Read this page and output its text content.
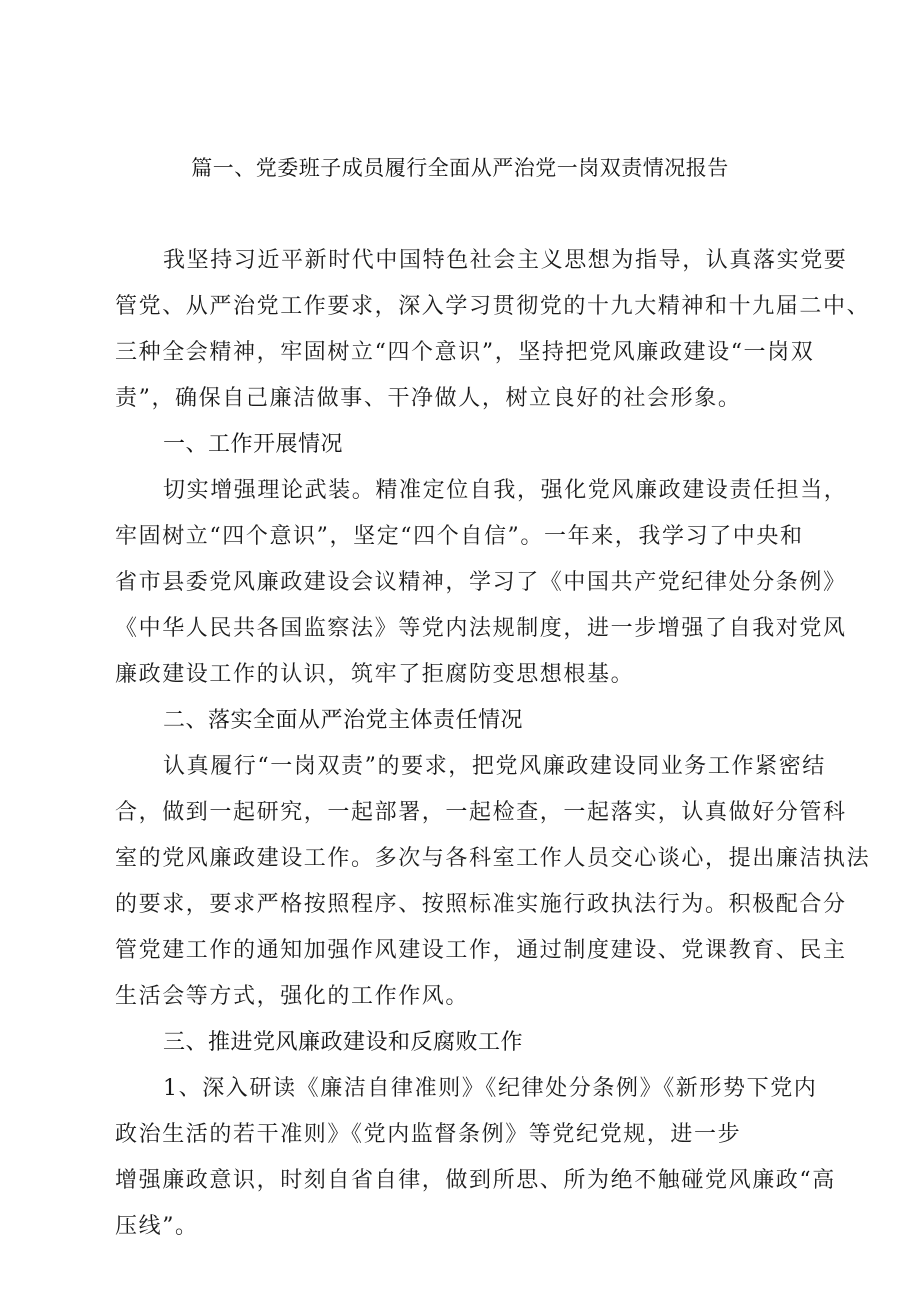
篇一、党委班子成员履行全面从严治党一岗双责情况报告
我坚持习近平新时代中国特色社会主义思想为指导，认真落实党要
管党、从严治党工作要求，深入学习贯彻党的十九大精神和十九届二中、
三种全会精神，牢固树立“四个意识”，坚持把党风廉政建设“一岗双
责”，确保自己廉洁做事、干净做人，树立良好的社会形象。
一、工作开展情况
切实增强理论武装。精准定位自我，强化党风廉政建设责任担当，
牢固树立“四个意识”，坚定“四个自信”。一年来，我学习了中央和
省市县委党风廉政建设会议精神，学习了《中国共产党纪律处分条例》
《中华人民共各国监察法》等党内法规制度，进一步增强了自我对党风
廉政建设工作的认识，筑牢了拒腐防变思想根基。
二、落实全面从严治党主体责任情况
认真履行“一岗双责”的要求，把党风廉政建设同业务工作紧密结
合，做到一起研究，一起部署，一起检查，一起落实，认真做好分管科
室的党风廉政建设工作。多次与各科室工作人员交心谈心，提出廉洁执法
的要求，要求严格按照程序、按照标准实施行政执法行为。积极配合分
管党建工作的通知加强作风建设工作，通过制度建设、党课教育、民主
生活会等方式，强化的工作作风。
三、推进党风廉政建设和反腐败工作
1、深入研读《廉洁自律准则》《纪律处分条例》《新形势下党内
政治生活的若干准则》《党内监督条例》等党纪党规，进一步
增强廉政意识，时刻自省自律，做到所思、所为绝不触碰党风廉政“高
压线”。
